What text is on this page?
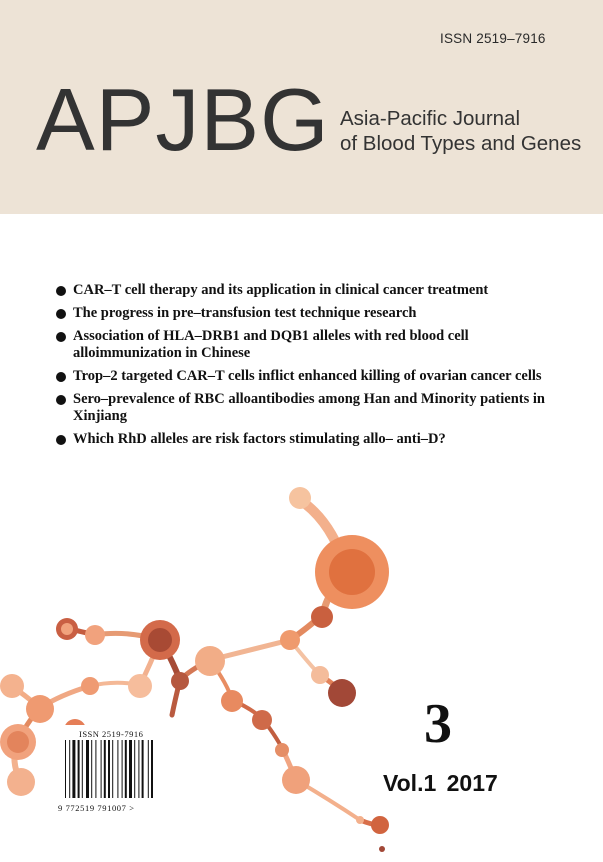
ISSN 2519–7916
APJBG Asia-Pacific Journal
of Blood Types and Genes
CAR–T cell therapy and its application in clinical cancer treatment
The progress in pre–transfusion test technique research
Association of HLA–DRB1 and DQB1 alleles with red blood cell alloimmunization in Chinese
Trop–2 targeted CAR–T cells inflict enhanced killing of ovarian cancer cells
Sero–prevalence of RBC alloantibodies among Han and Minority patients in Xinjiang
Which RhD alleles are risk factors stimulating allo– anti–D?
ISSN 2519-7916
9 772519 791007 >
3
Vol.1 2017
